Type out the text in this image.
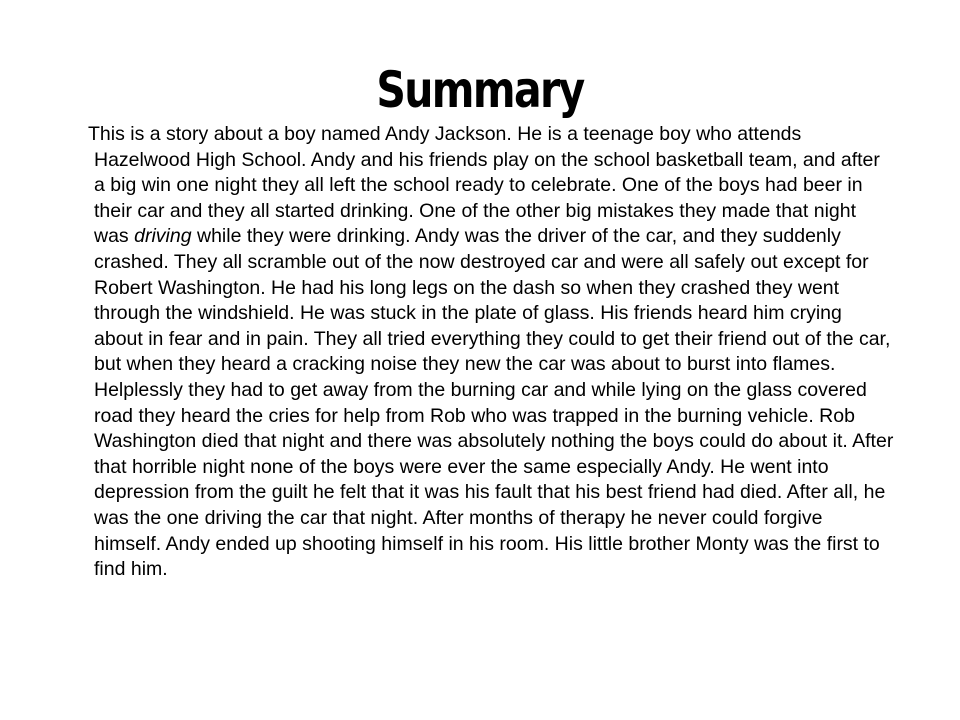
Summary

This is a story about a boy named Andy Jackson. He is a teenage boy who attends Hazelwood High School. Andy and his friends play on the school basketball team, and after a big win one night they all left the school ready to celebrate. One of the boys had beer in their car and they all started drinking. One of the other big mistakes they made that night was driving while they were drinking. Andy was the driver of the car, and they suddenly crashed. They all scramble out of the now destroyed car and were all safely out except for Robert Washington. He had his long legs on the dash so when they crashed they went through the windshield. He was stuck in the plate of glass. His friends heard him crying about in fear and in pain. They all tried everything they could to get their friend out of the car, but when they heard a cracking noise they new the car was about to burst into flames. Helplessly they had to get away from the burning car and while lying on the glass covered road they heard the cries for help from Rob who was trapped in the burning vehicle. Rob Washington died that night and there was absolutely nothing the boys could do about it. After that horrible night none of the boys were ever the same especially Andy. He went into depression from the guilt he felt that it was his fault that his best friend had died. After all, he was the one driving the car that night. After months of therapy he never could forgive himself. Andy ended up shooting himself in his room. His little brother Monty was the first to find him.
